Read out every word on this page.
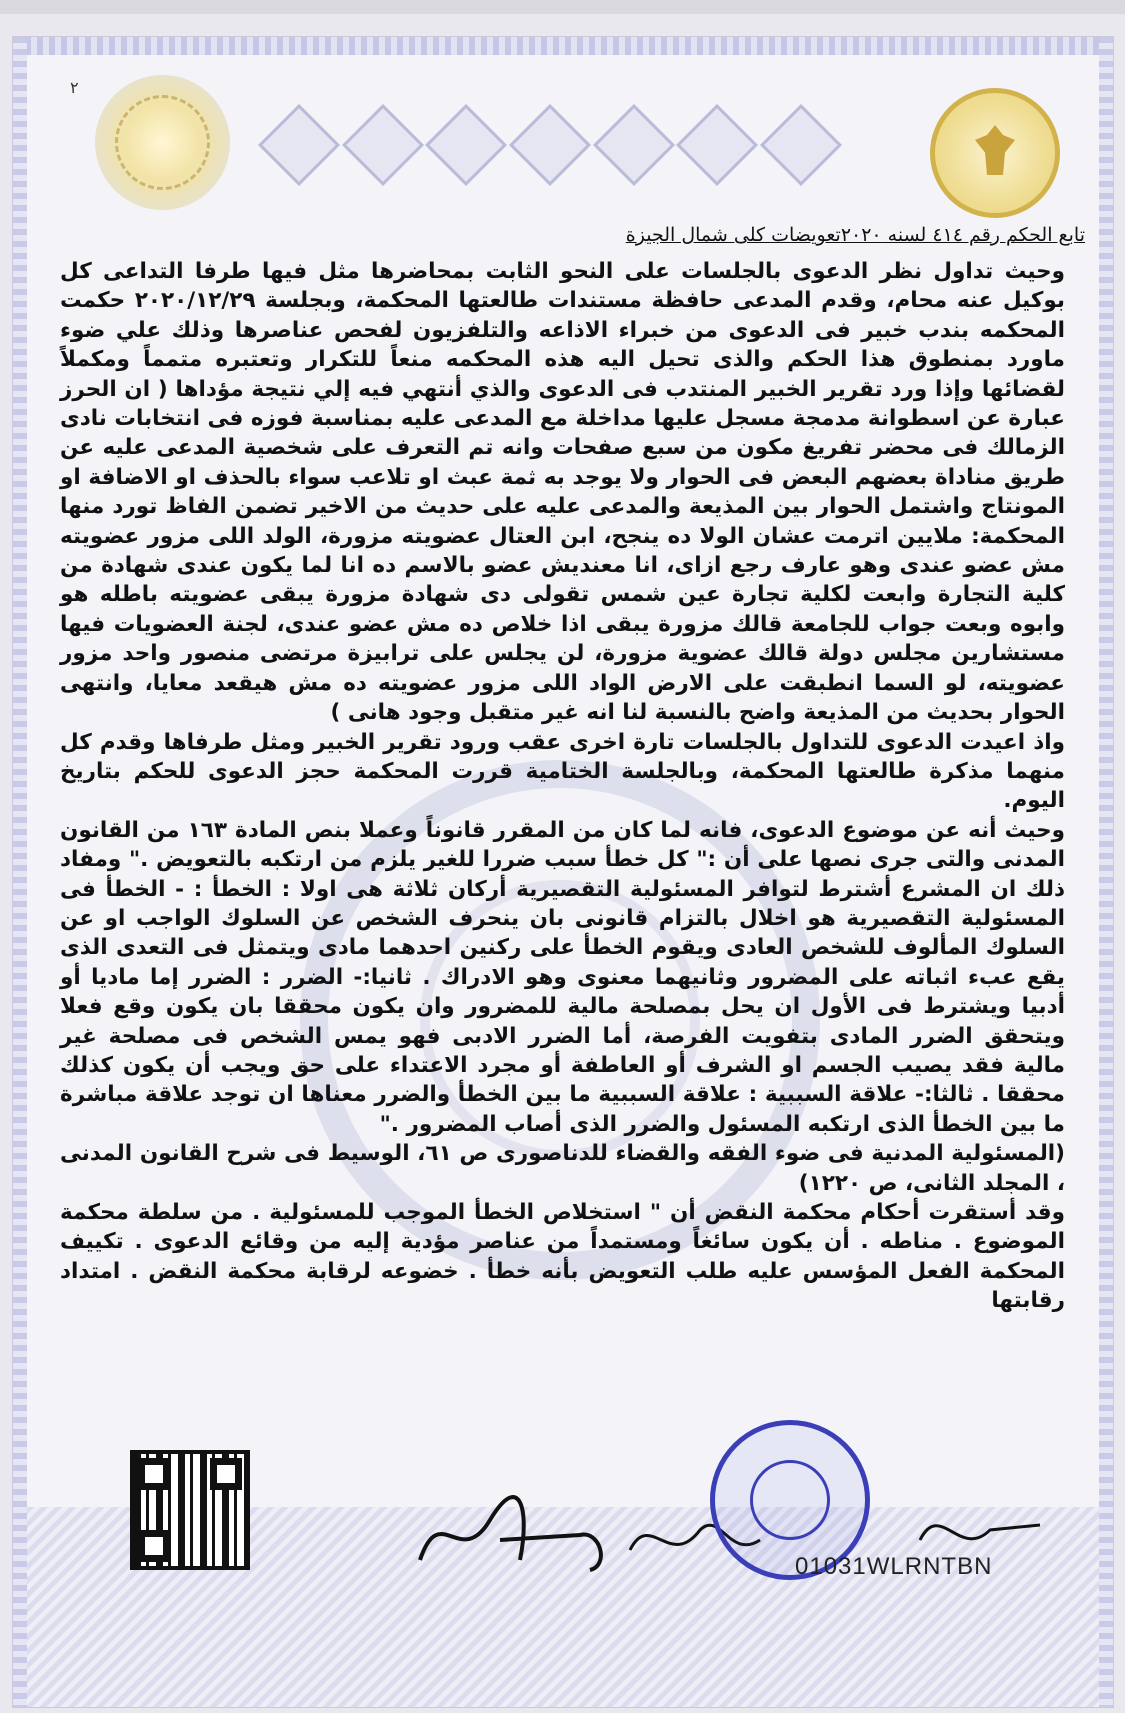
٢
تابع الحكم رقم ٤١٤ لسنه ٢٠٢٠تعويضات كلى شمال الجيزة

وحيث تداول نظر الدعوى بالجلسات على النحو الثابت بمحاضرها مثل فيها طرفا التداعى كل بوكيل عنه محام، وقدم المدعى حافظة مستندات طالعتها المحكمة، وبجلسة ٢٠٢٠/١٢/٢٩ حكمت المحكمه بندب خبير فى الدعوى من خبراء الاذاعه والتلفزيون لفحص عناصرها وذلك علي ضوء ماورد بمنطوق هذا الحكم والذى تحيل اليه هذه المحكمه منعاً للتكرار وتعتبره متمماً ومكملاً لقضائها وإذا ورد تقرير الخبير المنتدب فى الدعوى والذي أنتهي فيه إلي نتيجة مؤداها ( ان الحرز عبارة عن اسطوانة مدمجة مسجل عليها مداخلة مع المدعى عليه بمناسبة فوزه فى انتخابات نادى الزمالك فى محضر تفريغ مكون من سبع صفحات وانه تم التعرف على شخصية المدعى عليه عن طريق مناداة بعضهم البعض فى الحوار ولا يوجد به ثمة عبث او تلاعب سواء بالحذف او الاضافة او المونتاج واشتمل الحوار بين المذيعة والمدعى عليه على حديث من الاخير تضمن الفاظ تورد منها المحكمة: ملايين اترمت عشان الولا ده ينجح، ابن العتال عضويته مزورة، الولد اللى مزور عضويته مش عضو عندى وهو عارف رجع ازاى، انا معنديش عضو بالاسم ده انا لما يكون عندى شهادة من كلية التجارة وابعت لكلية تجارة عين شمس تقولى دى شهادة مزورة يبقى عضويته باطله هو وابوه وبعت جواب للجامعة قالك مزورة يبقى اذا خلاص ده مش عضو عندى، لجنة العضويات فيها مستشارين مجلس دولة قالك عضوية مزورة، لن يجلس على ترابيزة مرتضى منصور واحد مزور عضويته، لو السما انطبقت على الارض الواد اللى مزور عضويته ده مش هيقعد معايا، وانتهى الحوار بحديث من المذيعة واضح بالنسبة لنا انه غير متقبل وجود هانى )

واذ اعيدت الدعوى للتداول بالجلسات تارة اخرى عقب ورود تقرير الخبير ومثل طرفاها وقدم كل منهما مذكرة طالعتها المحكمة، وبالجلسة الختامية قررت المحكمة حجز الدعوى للحكم بتاريخ اليوم.

وحيث أنه عن موضوع الدعوى، فانه لما كان من المقرر قانوناً وعملا بنص المادة ١٦٣ من القانون المدنى والتى جرى نصها على أن :" كل خطأ سبب ضررا للغير يلزم من ارتكبه بالتعويض ." ومفاد ذلك ان المشرع أشترط لتوافر المسئولية التقصيرية أركان ثلاثة هى اولا : الخطأ : - الخطأ فى المسئولية التقصيرية هو اخلال بالتزام قانونى بان ينحرف الشخص عن السلوك الواجب او عن السلوك المألوف للشخص العادى ويقوم الخطأ على ركنين احدهما مادى ويتمثل فى التعدى الذى يقع عبء اثباته على المضرور وثانيهما معنوى وهو الادراك . ثانيا:- الضرر : الضرر إما ماديا أو أدبيا ويشترط فى الأول ان يحل بمصلحة مالية للمضرور وان يكون محققا بان يكون وقع فعلا ويتحقق الضرر المادى بتفويت الفرصة، أما الضرر الادبى فهو يمس الشخص فى مصلحة غير مالية فقد يصيب الجسم او الشرف أو العاطفة أو مجرد الاعتداء على حق ويجب أن يكون كذلك محققا . ثالثا:- علاقة السببية : علاقة السببية ما بين الخطأ والضرر معناها ان توجد علاقة مباشرة ما بين الخطأ الذى ارتكبه المسئول والضرر الذى أصاب المضرور ."

(المسئولية المدنية فى ضوء الفقه والقضاء للدناصورى ص ٦١، الوسيط فى شرح القانون المدنى ، المجلد الثانى، ص ١٢٢٠)

وقد أستقرت أحكام محكمة النقض أن " استخلاص الخطأ الموجب للمسئولية . من سلطة محكمة الموضوع . مناطه . أن يكون سائغاً ومستمداً من عناصر مؤدية إليه من وقائع الدعوى . تكييف المحكمة الفعل المؤسس عليه طلب التعويض بأنه خطأ . خضوعه لرقابة محكمة النقض . امتداد رقابتها

01031WLRNTBN
